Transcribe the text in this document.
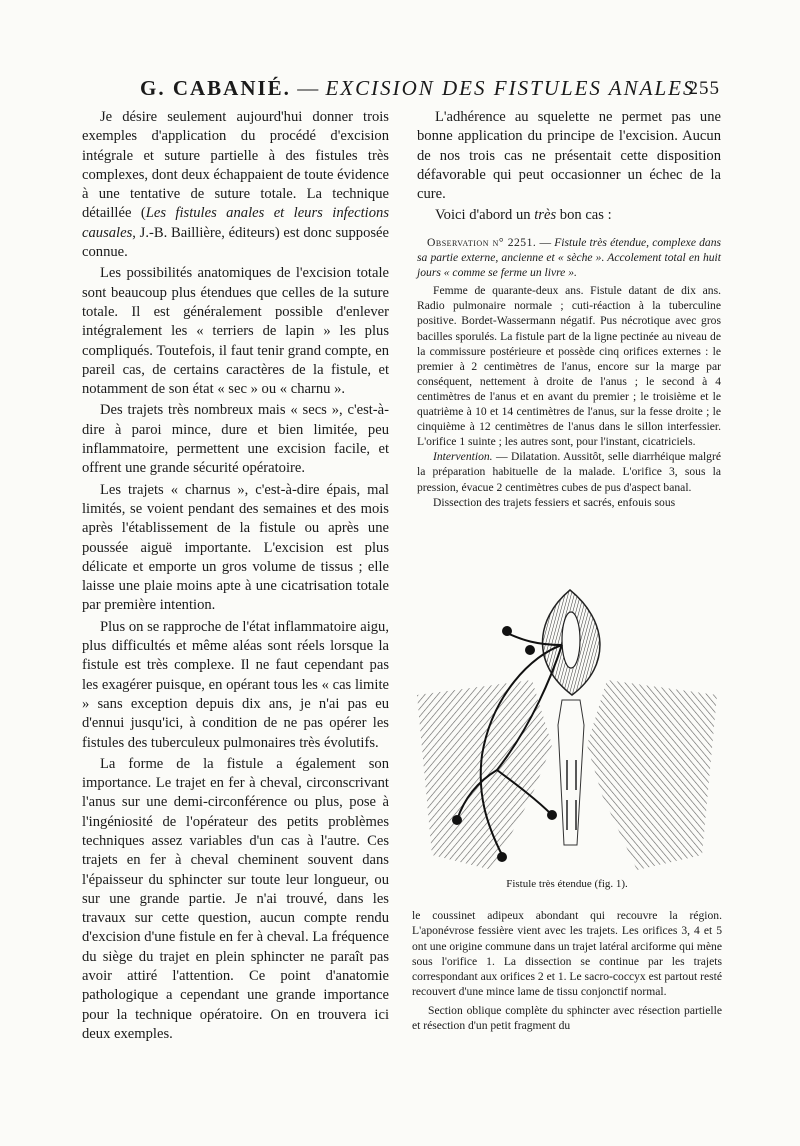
G. CABANIÉ. — EXCISION DES FISTULES ANALES
255

Je désire seulement aujourd'hui donner trois exemples d'application du procédé d'excision intégrale et suture partielle à des fistules très complexes, dont deux échappaient de toute évidence à une tentative de suture totale. La technique détaillée (Les fistules anales et leurs infections causales, J.-B. Baillière, éditeurs) est donc supposée connue.

Les possibilités anatomiques de l'excision totale sont beaucoup plus étendues que celles de la suture totale. Il est généralement possible d'enlever intégralement les « terriers de lapin » les plus compliqués. Toutefois, il faut tenir grand compte, en pareil cas, de certains caractères de la fistule, et notamment de son état « sec » ou « charnu ».

Des trajets très nombreux mais « secs », c'est-à-dire à paroi mince, dure et bien limitée, peu inflammatoire, permettent une excision facile, et offrent une grande sécurité opératoire.

Les trajets « charnus », c'est-à-dire épais, mal limités, se voient pendant des semaines et des mois après l'établissement de la fistule ou après une poussée aiguë importante. L'excision est plus délicate et emporte un gros volume de tissus ; elle laisse une plaie moins apte à une cicatrisation totale par première intention.

Plus on se rapproche de l'état inflammatoire aigu, plus difficultés et même aléas sont réels lorsque la fistule est très complexe. Il ne faut cependant pas les exagérer puisque, en opérant tous les « cas limite » sans exception depuis dix ans, je n'ai pas eu d'ennui jusqu'ici, à condition de ne pas opérer les fistules des tuberculeux pulmonaires très évolutifs.

La forme de la fistule a également son importance. Le trajet en fer à cheval, circonscrivant l'anus sur une demi-circonférence ou plus, pose à l'ingéniosité de l'opérateur des petits problèmes techniques assez variables d'un cas à l'autre. Ces trajets en fer à cheval cheminent souvent dans l'épaisseur du sphincter sur toute leur longueur, ou sur une grande partie. Je n'ai trouvé, dans les travaux sur cette question, aucun compte rendu d'excision d'une fistule en fer à cheval. La fréquence du siège du trajet en plein sphincter ne paraît pas avoir attiré l'attention. Ce point d'anatomie pathologique a cependant une grande importance pour la technique opératoire. On en trouvera ici deux exemples.

L'adhérence au squelette ne permet pas une bonne application du principe de l'excision. Aucun de nos trois cas ne présentait cette disposition défavorable qui peut occasionner un échec de la cure.

Voici d'abord un très bon cas :

Observation n° 2251. — Fistule très étendue, complexe dans sa partie externe, ancienne et « sèche ». Accolement total en huit jours « comme se ferme un livre ».

Femme de quarante-deux ans. Fistule datant de dix ans. Radio pulmonaire normale ; cuti-réaction à la tuberculine positive. Bordet-Wassermann négatif. Pus nécrotique avec gros bacilles sporulés. La fistule part de la ligne pectinée au niveau de la commissure postérieure et possède cinq orifices externes : le premier à 2 centimètres de l'anus, encore sur la marge par conséquent, nettement à droite de l'anus ; le second à 4 centimètres de l'anus et en avant du premier ; le troisième et le quatrième à 10 et 14 centimètres de l'anus, sur la fesse droite ; le cinquième à 12 centimètres de l'anus dans le sillon interfessier. L'orifice 1 suinte ; les autres sont, pour l'instant, cicatriciels.

Intervention. — Dilatation. Aussitôt, selle diarrhéique malgré la préparation habituelle de la malade. L'orifice 3, sous la pression, évacue 2 centimètres cubes de pus d'aspect banal.

Dissection des trajets fessiers et sacrés, enfouis sous

Fistule très étendue (fig. 1).

le coussinet adipeux abondant qui recouvre la région. L'aponévrose fessière vient avec les trajets. Les orifices 3, 4 et 5 ont une origine commune dans un trajet latéral arciforme qui mène sous l'orifice 1. La dissection se continue par les trajets correspondant aux orifices 2 et 1. Le sacro-coccyx est partout resté recouvert d'une mince lame de tissu conjonctif normal.

Section oblique complète du sphincter avec résection partielle et résection d'un petit fragment du
